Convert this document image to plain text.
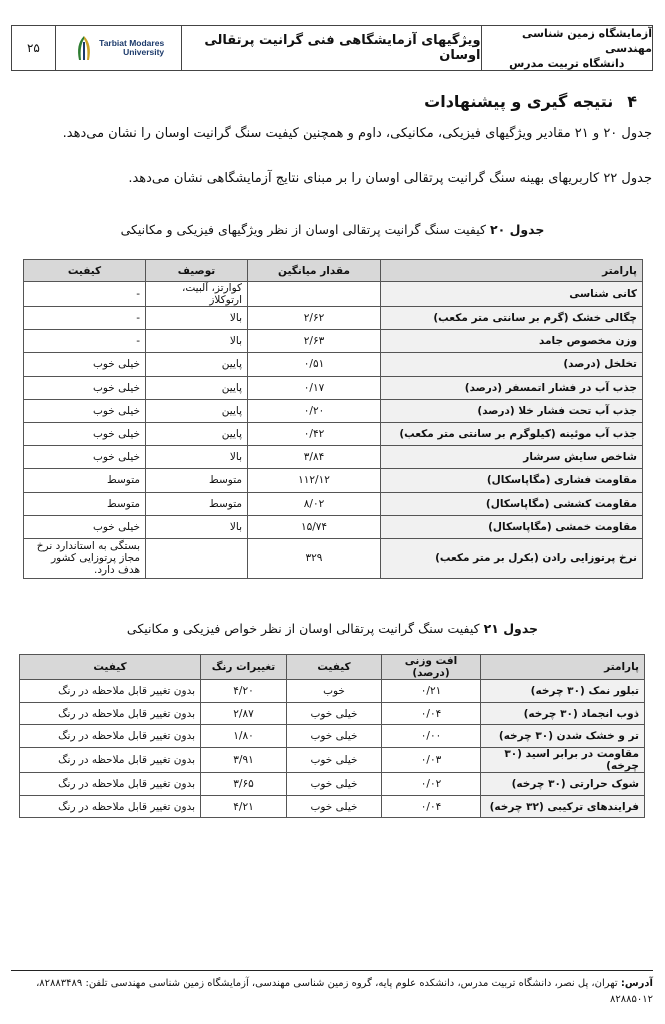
آزمایشگاه زمین شناسی مهندسی
دانشگاه تربیت مدرس
ویژگیهای آزمایشگاهی فنی گرانیت پرتقالی اوسان
Tarbiat Modares
University
۲۵
۴نتیجه گیری و پیشنهادات
جدول ۲۰ و ۲۱ مقادیر ویژگیهای فیزیکی، مکانیکی، داوم و همچنین کیفیت سنگ گرانیت اوسان را نشان می‌دهد.
جدول ۲۲ کاربریهای بهینه سنگ گرانیت پرتقالی اوسان را بر مبنای نتایج آزمایشگاهی نشان می‌دهد.
جدول ۲۰کیفیت سنگ گرانیت پرتقالی اوسان از نظر ویژگیهای فیزیکی و مکانیکی
پارامتر	مقدار میانگین	توصیف	کیفیت
کانی شناسی		کوارتز، آلبیت، ارتوکلاز	-
چگالی خشک (گرم بر سانتی متر مکعب)	۲/۶۲	بالا	-
وزن مخصوص جامد	۲/۶۳	بالا	-
تخلخل (درصد)	۰/۵۱	پایین	خیلی خوب
جذب آب در فشار اتمسفر (درصد)	۰/۱۷	پایین	خیلی خوب
جذب آب تحت فشار خلا (درصد)	۰/۲۰	پایین	خیلی خوب
جذب آب موئینه (کیلوگرم بر سانتی متر مکعب)	۰/۴۲	پایین	خیلی خوب
شاخص سایش سرشار	۳/۸۴	بالا	خیلی خوب
مقاومت فشاری (مگاپاسکال)	۱۱۲/۱۲	متوسط	متوسط
مقاومت کششی (مگاپاسکال)	۸/۰۲	متوسط	متوسط
مقاومت خمشی (مگاپاسکال)	۱۵/۷۴	بالا	خیلی خوب
نرخ پرتوزایی رادن (بکرل بر متر مکعب)	۳۲۹		بستگی به استاندارد نرخ مجاز پرتوزایی کشور هدف دارد.
جدول ۲۱کیفیت سنگ گرانیت پرتقالی اوسان از نظر خواص فیزیکی و مکانیکی
پارامتر	افت وزنی (درصد)	کیفیت	تغییرات رنگ	کیفیت
تبلور نمک (۳۰ چرخه)	۰/۲۱	خوب	۴/۲۰	بدون تغییر قابل ملاحظه در رنگ
ذوب انجماد (۳۰ چرخه)	۰/۰۴	خیلی خوب	۲/۸۷	بدون تغییر قابل ملاحظه در رنگ
تر و خشک شدن (۳۰ چرخه)	۰/۰۰	خیلی خوب	۱/۸۰	بدون تغییر قابل ملاحظه در رنگ
مقاومت در برابر اسید (۳۰ چرخه)	۰/۰۳	خیلی خوب	۳/۹۱	بدون تغییر قابل ملاحظه در رنگ
شوک حرارتی (۳۰ چرخه)	۰/۰۲	خیلی خوب	۳/۶۵	بدون تغییر قابل ملاحظه در رنگ
فرایندهای ترکیبی (۳۲ چرخه)	۰/۰۴	خیلی خوب	۴/۲۱	بدون تغییر قابل ملاحظه در رنگ
آدرس: تهران، پل نصر، دانشگاه تربیت مدرس، دانشکده علوم پایه، گروه زمین شناسی مهندسی، آزمایشگاه زمین شناسی مهندسی تلفن: ۸۲۸۸۳۴۸۹،
۸۲۸۸۵۰۱۲
